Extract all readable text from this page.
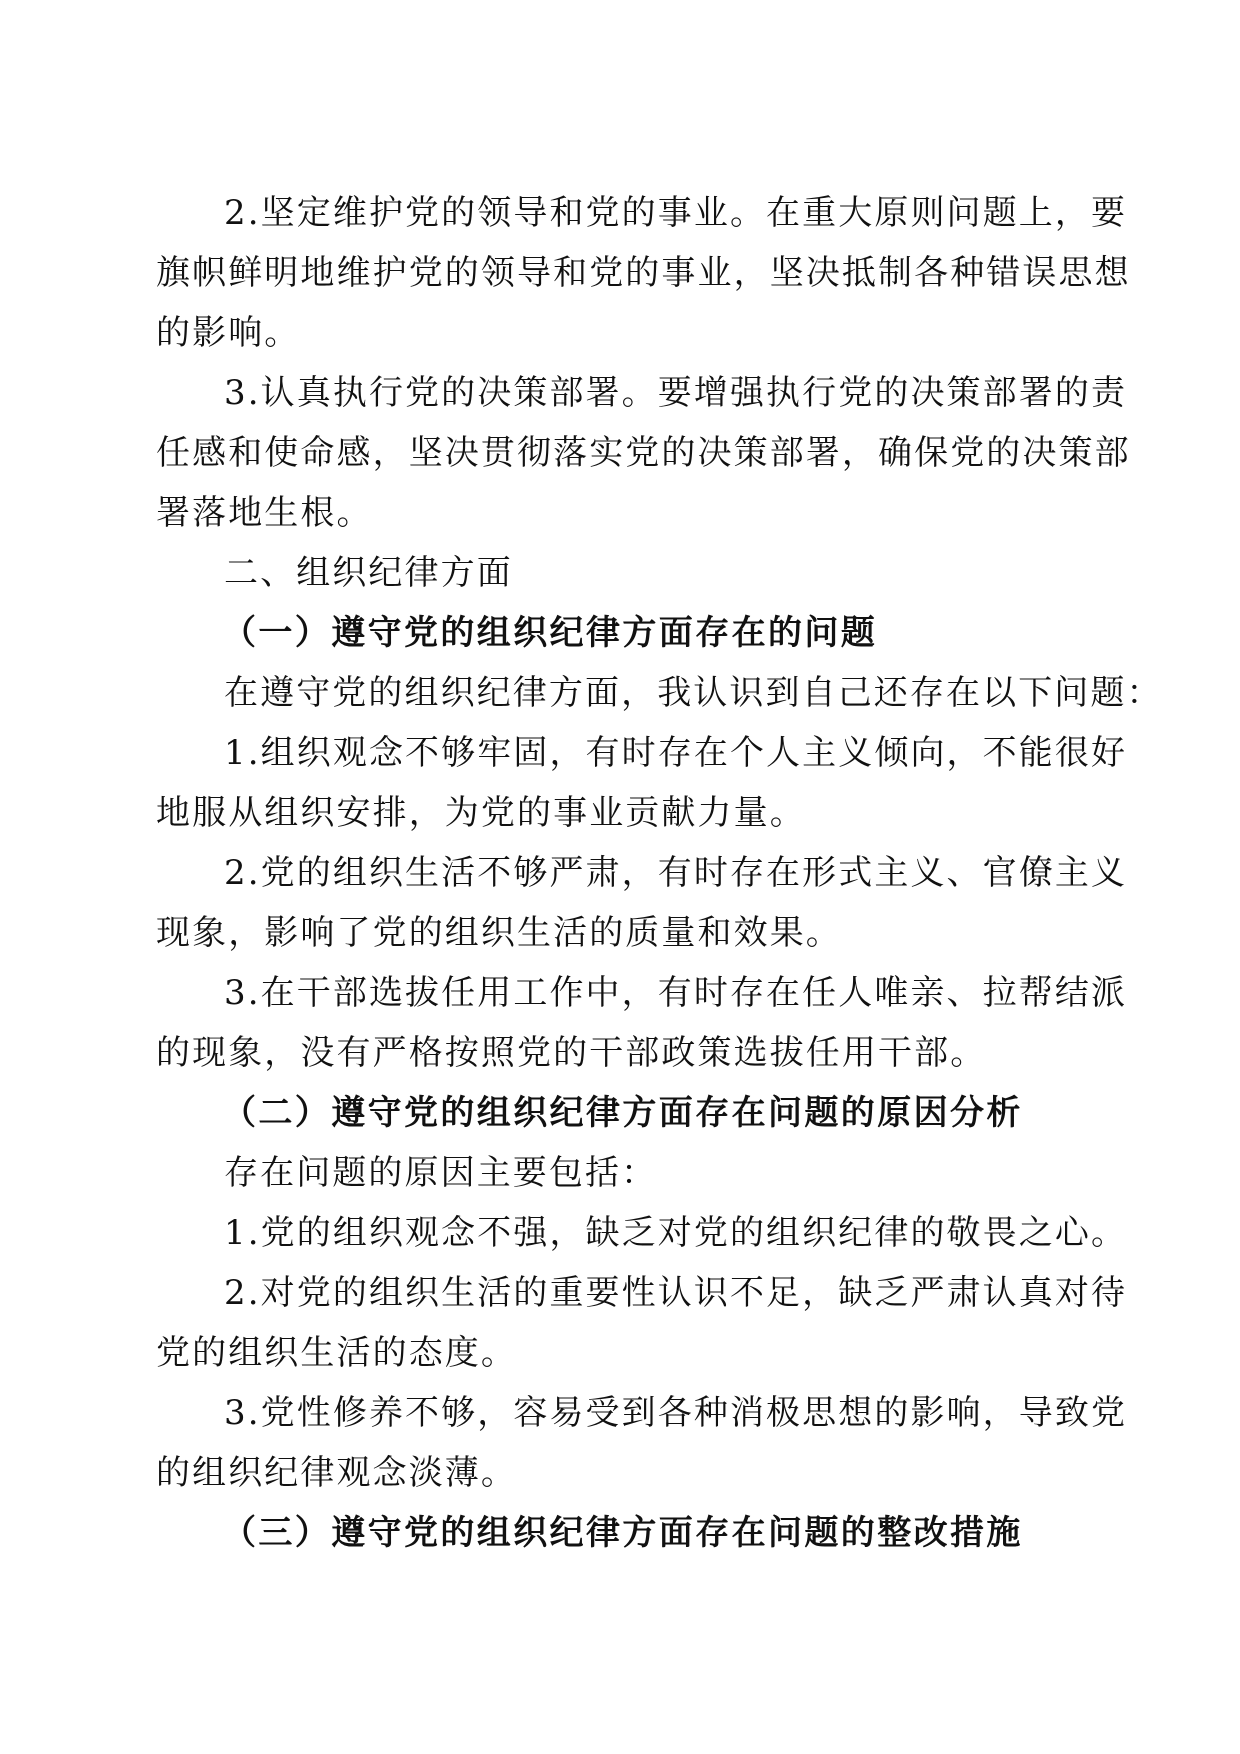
2.坚定维护党的领导和党的事业。在重大原则问题上，要
旗帜鲜明地维护党的领导和党的事业，坚决抵制各种错误思想
的影响。
3.认真执行党的决策部署。要增强执行党的决策部署的责
任感和使命感，坚决贯彻落实党的决策部署，确保党的决策部
署落地生根。
二、组织纪律方面
（一）遵守党的组织纪律方面存在的问题
在遵守党的组织纪律方面，我认识到自己还存在以下问题：
1.组织观念不够牢固，有时存在个人主义倾向，不能很好
地服从组织安排，为党的事业贡献力量。
2.党的组织生活不够严肃，有时存在形式主义、官僚主义
现象，影响了党的组织生活的质量和效果。
3.在干部选拔任用工作中，有时存在任人唯亲、拉帮结派
的现象，没有严格按照党的干部政策选拔任用干部。
（二）遵守党的组织纪律方面存在问题的原因分析
存在问题的原因主要包括：
1.党的组织观念不强，缺乏对党的组织纪律的敬畏之心。
2.对党的组织生活的重要性认识不足，缺乏严肃认真对待
党的组织生活的态度。
3.党性修养不够，容易受到各种消极思想的影响，导致党
的组织纪律观念淡薄。
（三）遵守党的组织纪律方面存在问题的整改措施
